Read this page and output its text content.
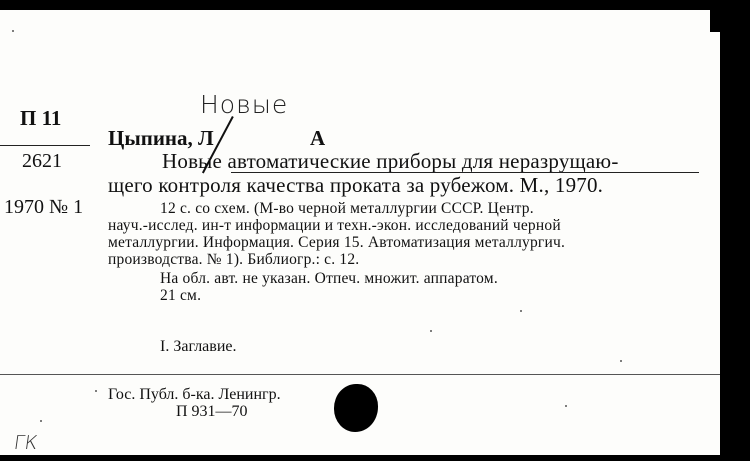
П 11
2621
1970 № 1
Новые
Цыпина, Л	А
Новые автоматические приборы для неразрущаю-
щего контроля качества проката за рубежом. М., 1970.
12 с. со схем. (М-во черной металлургии СССР. Центр.
науч.-исслед. ин-т информации и техн.-экон. исследований черной
металлургии. Информация. Серия 15. Автоматизация металлургич.
производства. № 1). Библиогр.: с. 12.
На обл. авт. не указан. Отпеч. множит. аппаратом.
21 см.
I. Заглавие.
Гос. Публ. б-ка. Ленингр.
П 931—70
ГК
